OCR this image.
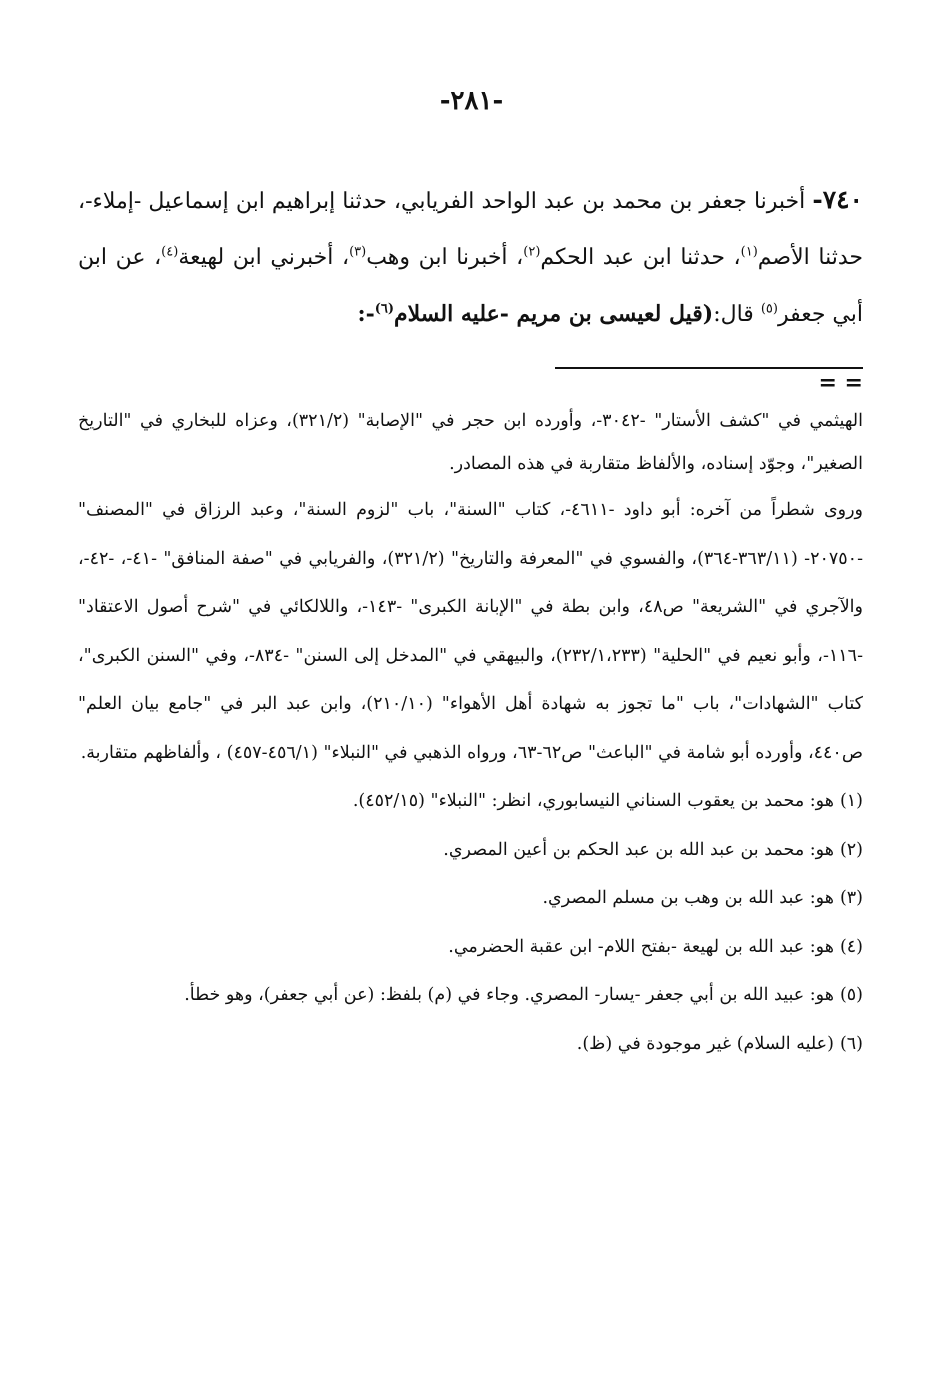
-٢٨١-

٧٤٠- أخبرنا جعفر بن محمد بن عبد الواحد الفريابي، حدثنا إبراهيم ابن إسماعيل -إملاء-، حدثنا الأصم$^{(١)}$، حدثنا ابن عبد الحكم$^{(٢)}$، أخبرنا ابن وهب$^{(٣)}$، أخبرني ابن لهيعة$^{(٤)}$، عن ابن أبي جعفر$^{(٥)}$ قال:(قيل لعيسى بن مريم -عليه السلام$^{(٦)}$-:

= =

الهيثمي في "كشف الأستار" -٣٠٤٢-، وأورده ابن حجر في "الإصابة" (٣٢١/٢)، وعزاه للبخاري في "التاريخ الصغير"، وجوّد إسناده، والألفاظ متقاربة في هذه المصادر.

وروى شطراً من آخره: أبو داود -٤٦١١-، كتاب "السنة"، باب "لزوم السنة"، وعبد الرزاق في "المصنف" -٢٠٧٥٠- (٣٦٣/١١-٣٦٤)، والفسوي في "المعرفة والتاريخ" (٣٢١/٢)، والفريابي في "صفة المنافق" -٤١-، -٤٢-، والآجري في "الشريعة" ص٤٨، وابن بطة في "الإبانة الكبرى" -١٤٣-، واللالكائي في "شرح أصول الاعتقاد" -١١٦-، وأبو نعيم في "الحلية" (٢٣٢/١،٢٣٣)، والبيهقي في "المدخل إلى السنن" -٨٣٤-، وفي "السنن الكبرى"، كتاب "الشهادات"، باب "ما تجوز به شهادة أهل الأهواء" (٢١٠/١٠)، وابن عبد البر في "جامع بيان العلم" ص٤٤٠، وأورده أبو شامة في "الباعث" ص٦٢-٦٣، ورواه الذهبي في "النبلاء" (٤٥٦/١-٤٥٧) ، وألفاظهم متقاربة.

(١)هو: محمد بن يعقوب السناني النيسابوري، انظر: "النبلاء" (٤٥٢/١٥).

(٢)هو: محمد بن عبد الله بن عبد الحكم بن أعين المصري.

(٣)هو: عبد الله بن وهب بن مسلم المصري.

(٤)هو: عبد الله بن لهيعة -بفتح اللام- ابن عقبة الحضرمي.

(٥)هو: عبيد الله بن أبي جعفر -يسار- المصري. وجاء في (م) بلفظ: (عن أبي جعفر)، وهو خطأ.

(٦)(عليه السلام) غير موجودة في (ظ).
